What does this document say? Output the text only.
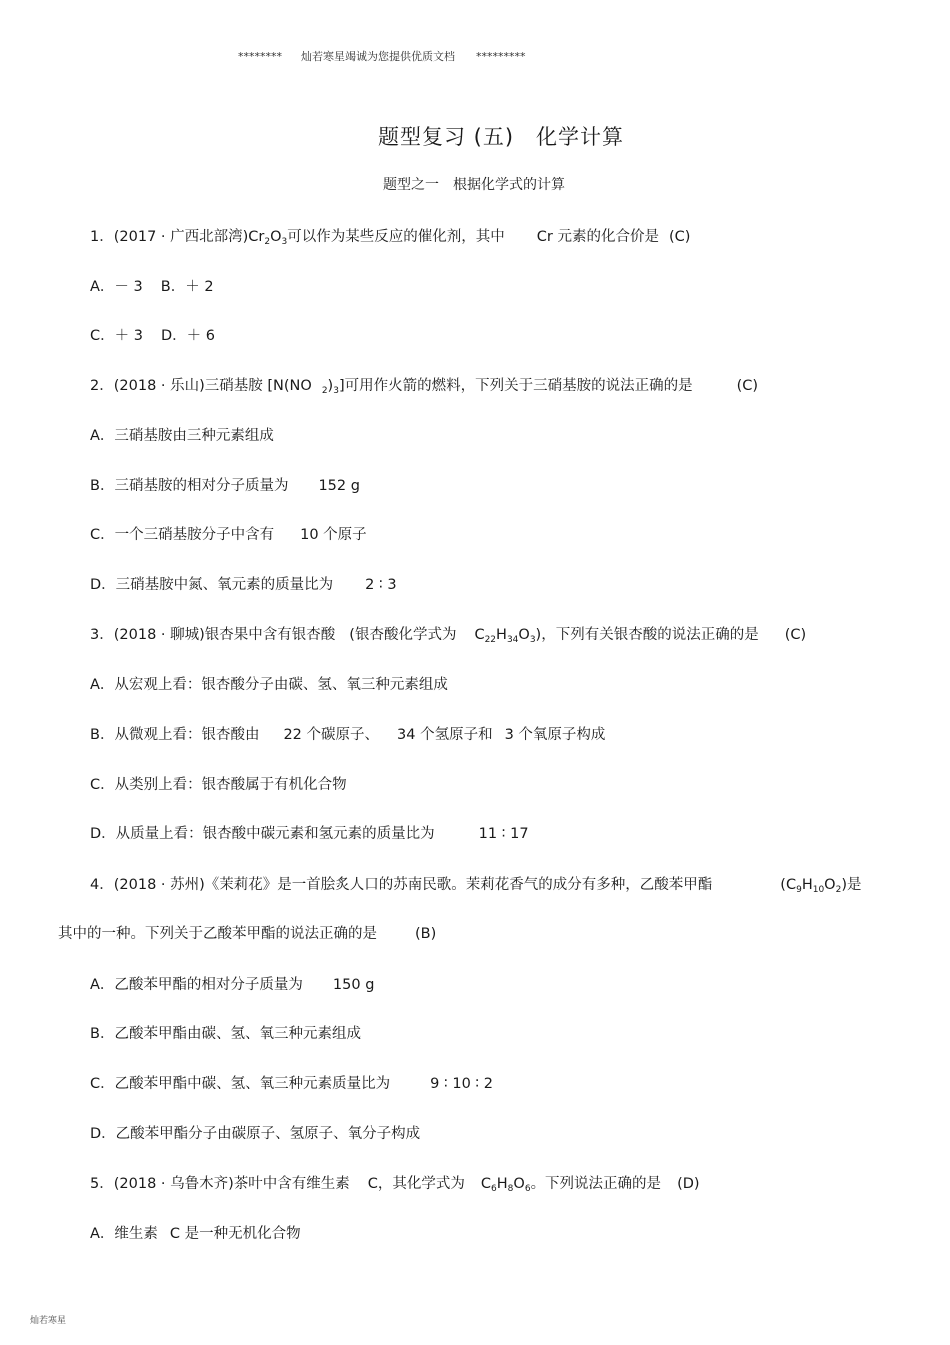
******** 灿若寒星竭诚为您提供优质文档 *********
题型复习 (五)　化学计算
题型之一　根据化学式的计算
1．(2017 · 广西北部湾)$Cr_2O_3$可以作为某些反应的催化剂，其中 Cr 元素的化合价是 (C)
A．－ 3 B．＋ 2
C．＋ 3 D．＋ 6
2．(2018 · 乐山)三硝基胺 [N(NO $_2)_3$]可用作火箭的燃料，下列关于三硝基胺的说法正确的是	(C)
A．三硝基胺由三种元素组成
B．三硝基胺的相对分子质量为 152 g
C．一个三硝基胺分子中含有 10 个原子
D．三硝基胺中氮、氧元素的质量比为 2 ∶ 3
3．(2018 · 聊城)银杏果中含有银杏酸 (银杏酸化学式为 $C_{22}H_{34}O_3$)，下列有关银杏酸的说法正确的是 (C)
A．从宏观上看：银杏酸分子由碳、氢、氧三种元素组成
B．从微观上看：银杏酸由 22 个碳原子、 34 个氢原子和 3 个氧原子构成
C．从类别上看：银杏酸属于有机化合物
D．从质量上看：银杏酸中碳元素和氢元素的质量比为	11 ∶ 17
4．(2018 · 苏州)《茉莉花》是一首脍炙人口的苏南民歌。茉莉花香气的成分有多种，乙酸苯甲酯	$(C_9H_{10}O_2)$是
其中的一种。下列关于乙酸苯甲酯的说法正确的是	(B)
A．乙酸苯甲酯的相对分子质量为 150 g
B．乙酸苯甲酯由碳、氢、氧三种元素组成
C．乙酸苯甲酯中碳、氢、氧三种元素质量比为	9 ∶ 10 ∶ 2
D．乙酸苯甲酯分子由碳原子、氢原子、氧分子构成
5．(2018 · 乌鲁木齐)茶叶中含有维生素 C，其化学式为 $C_6H_8O_6$。下列说法正确的是 (D)
A．维生素 C 是一种无机化合物
灿若寒星
